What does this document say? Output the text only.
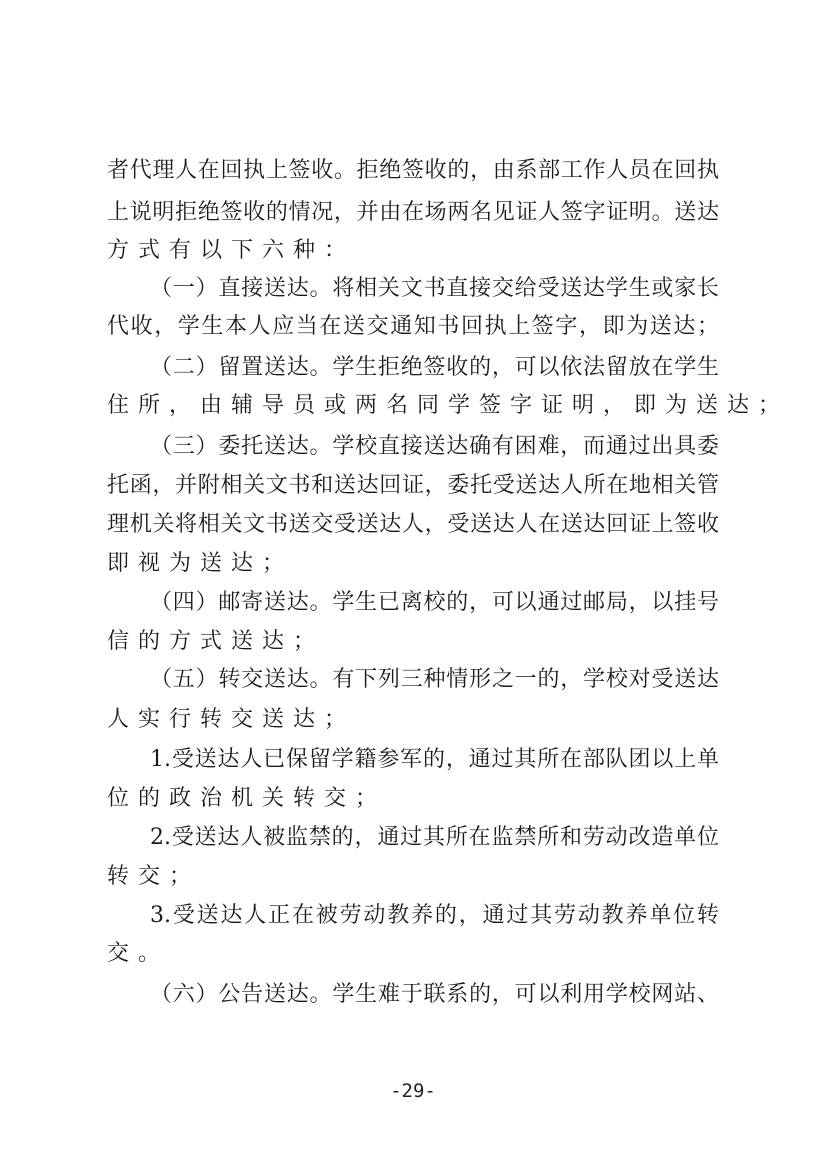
者代理人在回执上签收。拒绝签收的，由系部工作人员在回执
上说明拒绝签收的情况，并由在场两名见证人签字证明。送达
方式有以下六种：
（一）直接送达。将相关文书直接交给受送达学生或家长
代收，学生本人应当在送交通知书回执上签字，即为送达；
（二）留置送达。学生拒绝签收的，可以依法留放在学生
住所，由辅导员或两名同学签字证明，即为送达；
（三）委托送达。学校直接送达确有困难，而通过出具委
托函，并附相关文书和送达回证，委托受送达人所在地相关管
理机关将相关文书送交受送达人，受送达人在送达回证上签收
即视为送达；
（四）邮寄送达。学生已离校的，可以通过邮局，以挂号
信的方式送达；
（五）转交送达。有下列三种情形之一的，学校对受送达
人实行转交送达；
1.受送达人已保留学籍参军的，通过其所在部队团以上单
位的政治机关转交；
2.受送达人被监禁的，通过其所在监禁所和劳动改造单位
转交；
3.受送达人正在被劳动教养的，通过其劳动教养单位转
交。
（六）公告送达。学生难于联系的，可以利用学校网站、
-29-
